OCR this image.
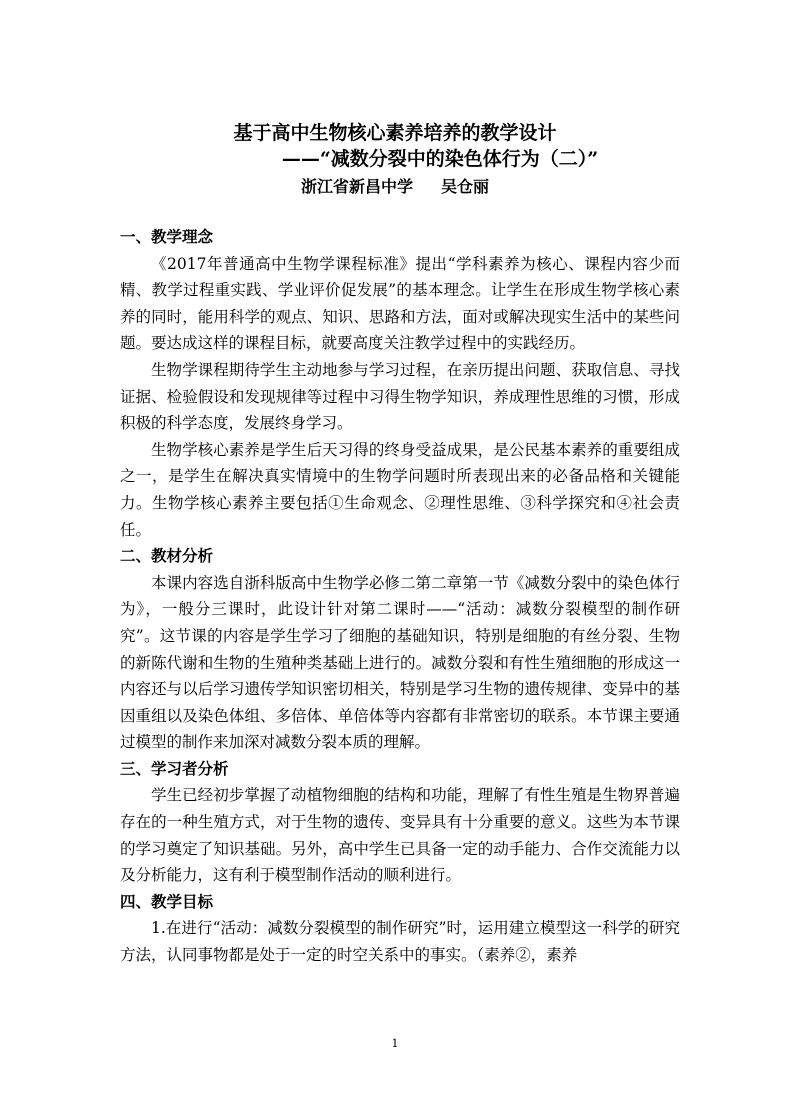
基于高中生物核心素养培养的教学设计
——“减数分裂中的染色体行为（二）”
浙江省新昌中学 吴仓丽

一、教学理念

《2017年普通高中生物学课程标准》提出“学科素养为核心、课程内容少而精、教学过程重实践、学业评价促发展”的基本理念。让学生在形成生物学核心素养的同时，能用科学的观点、知识、思路和方法，面对或解决现实生活中的某些问题。要达成这样的课程目标，就要高度关注教学过程中的实践经历。

生物学课程期待学生主动地参与学习过程，在亲历提出问题、获取信息、寻找证据、检验假设和发现规律等过程中习得生物学知识，养成理性思维的习惯，形成积极的科学态度，发展终身学习。

生物学核心素养是学生后天习得的终身受益成果，是公民基本素养的重要组成之一，是学生在解决真实情境中的生物学问题时所表现出来的必备品格和关键能力。生物学核心素养主要包括①生命观念、②理性思维、③科学探究和④社会责任。

二、教材分析

本课内容选自浙科版高中生物学必修二第二章第一节《减数分裂中的染色体行为》，一般分三课时，此设计针对第二课时——“活动：减数分裂模型的制作研究”。这节课的内容是学生学习了细胞的基础知识，特别是细胞的有丝分裂、生物的新陈代谢和生物的生殖种类基础上进行的。减数分裂和有性生殖细胞的形成这一内容还与以后学习遗传学知识密切相关，特别是学习生物的遗传规律、变异中的基因重组以及染色体组、多倍体、单倍体等内容都有非常密切的联系。本节课主要通过模型的制作来加深对减数分裂本质的理解。

三、学习者分析

学生已经初步掌握了动植物细胞的结构和功能，理解了有性生殖是生物界普遍存在的一种生殖方式，对于生物的遗传、变异具有十分重要的意义。这些为本节课的学习奠定了知识基础。另外，高中学生已具备一定的动手能力、合作交流能力以及分析能力，这有利于模型制作活动的顺利进行。

四、教学目标

1.在进行“活动：减数分裂模型的制作研究”时，运用建立模型这一科学的研究方法，认同事物都是处于一定的时空关系中的事实。（素养②，素养

1
